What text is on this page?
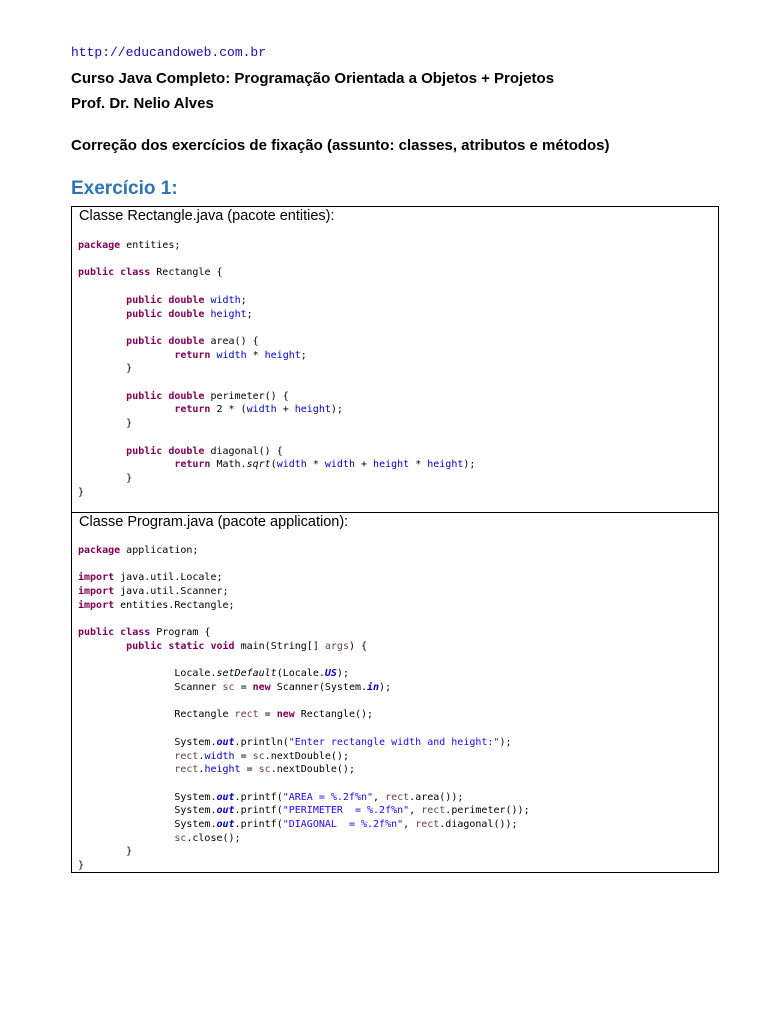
http://educandoweb.com.br
Curso Java Completo: Programação Orientada a Objetos + Projetos
Prof. Dr. Nelio Alves
Correção dos exercícios de fixação (assunto: classes, atributos e métodos)
Exercício 1:
Classe Rectangle.java (pacote entities):
package entities;

public class Rectangle {

public double width;
public double height;

public double area() {
return width * height;
}

public double perimeter() {
return 2 * (width + height);
}

public double diagonal() {
return Math.sqrt(width * width + height * height);
}
}
Classe Program.java (pacote application):
package application;

import java.util.Locale;
import java.util.Scanner;
import entities.Rectangle;

public class Program {
public static void main(String[] args) {

Locale.setDefault(Locale.US);
Scanner sc = new Scanner(System.in);

Rectangle rect = new Rectangle();

System.out.println("Enter rectangle width and height:");
rect.width = sc.nextDouble();
rect.height = sc.nextDouble();

System.out.printf("AREA = %.2f%n", rect.area());
System.out.printf("PERIMETER  = %.2f%n", rect.perimeter());
System.out.printf("DIAGONAL  = %.2f%n", rect.diagonal());
sc.close();
}
}
